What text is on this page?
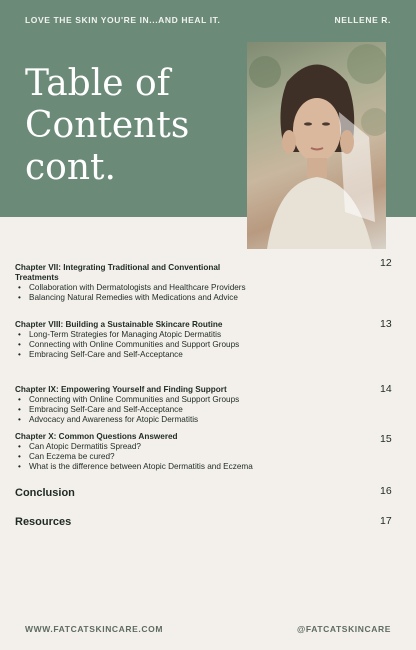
LOVE THE SKIN YOU'RE IN...AND HEAL IT.	NELLENE R.
Table of
Contents cont.
Chapter VII: Integrating Traditional and Conventional Treatments
12
• Collaboration with Dermatologists and Healthcare Providers
• Balancing Natural Remedies with Medications and Advice
Chapter VIII: Building a Sustainable Skincare Routine	13
• Long-Term Strategies for Managing Atopic Dermatitis
• Connecting with Online Communities and Support Groups
• Embracing Self-Care and Self-Acceptance
Chapter IX: Empowering Yourself and Finding Support	14
• Connecting with Online Communities and Support Groups
• Embracing Self-Care and Self-Acceptance
• Advocacy and Awareness for Atopic Dermatitis
Chapter X: Common Questions Answered	15
• Can Atopic Dermatitis Spread?
• Can Eczema be cured?
• What is the difference between Atopic Dermatitis and Eczema
Conclusion	16
Resources	17
WWW.FATCATSKINCARE.COM	@FATCATSKINCARE
